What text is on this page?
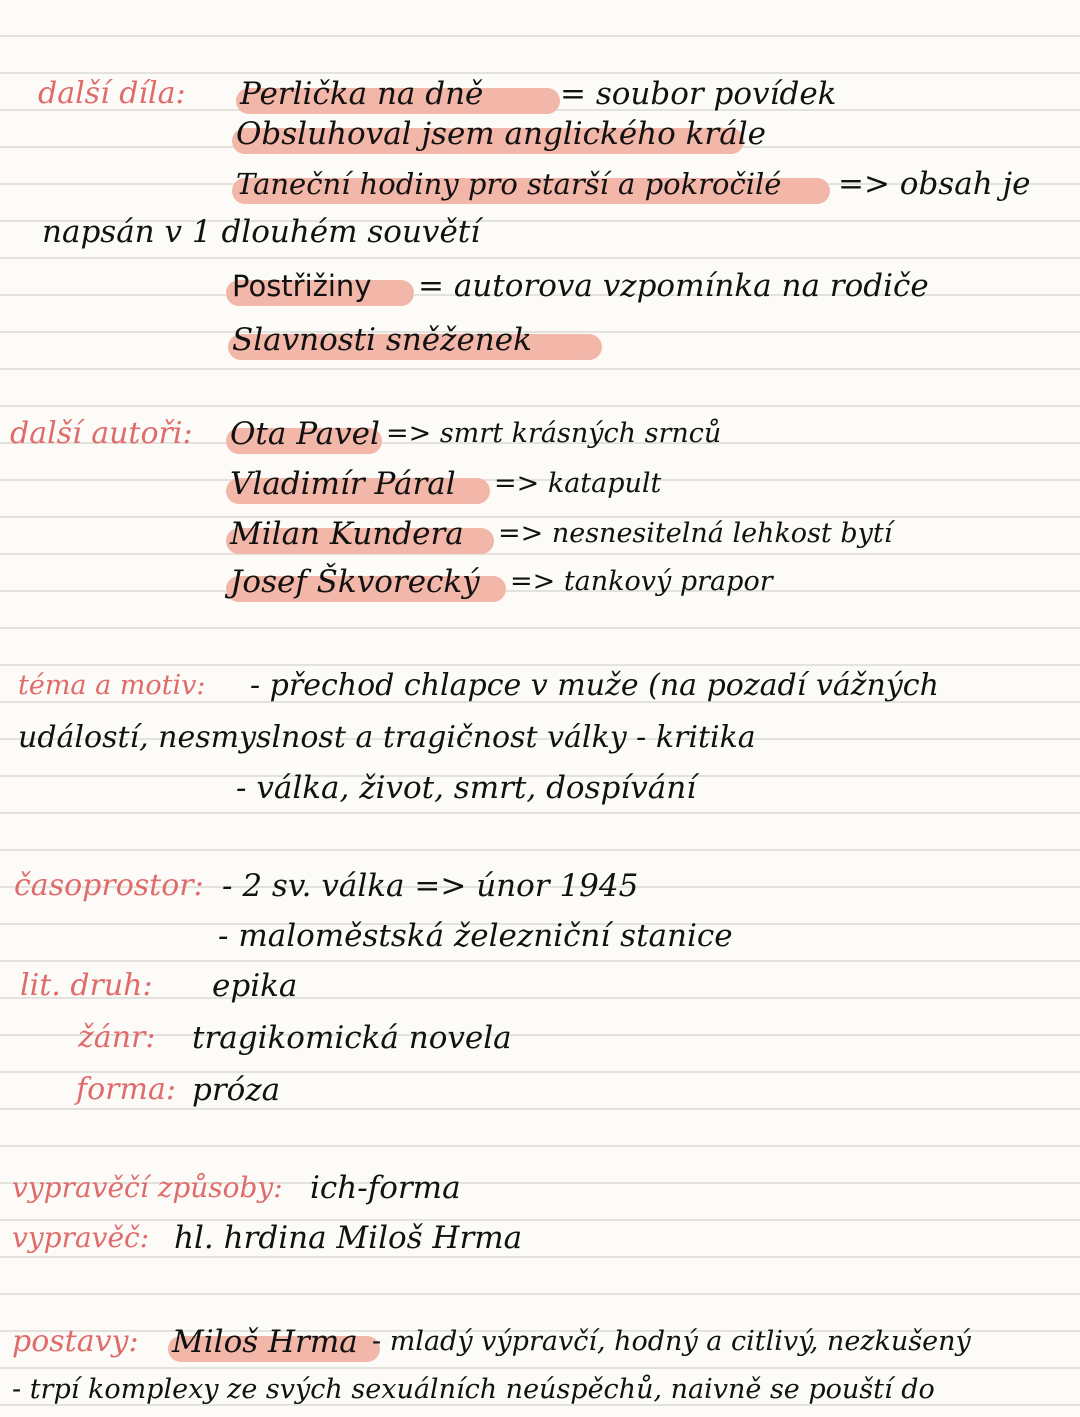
další díla: Perlička na dně = soubor povídek
Obsluhoval jsem anglického krále
Taneční hodiny pro starší a pokročilé => obsah je
napsán v 1 dlouhém souvětí
Postřižiny = autorova vzpomínka na rodiče
Slavnosti sněženek
další autoři: Ota Pavel => smrt krásných srnců
Vladimír Páral => katapult
Milan Kundera => nesnesitelná lehkost bytí
Josef Škvorecký => tankový prapor
téma a motiv: - přechod chlapce v muže (na pozadí vážných
událostí, nesmyslnost a tragičnost války - kritika
- válka, život, smrt, dospívání
časoprostor: - 2 sv. válka => únor 1945
- maloměstská železniční stanice
lit. druh: epika
žánr: tragikomická novela
forma: próza
vypravěčí způsoby: ich-forma
vypravěč: hl. hrdina Miloš Hrma
postavy: Miloš Hrma - mladý výpravčí, hodný a citlivý, nezkušený
- trpí komplexy ze svých sexuálních neúspěchů, naivně se pouští do
